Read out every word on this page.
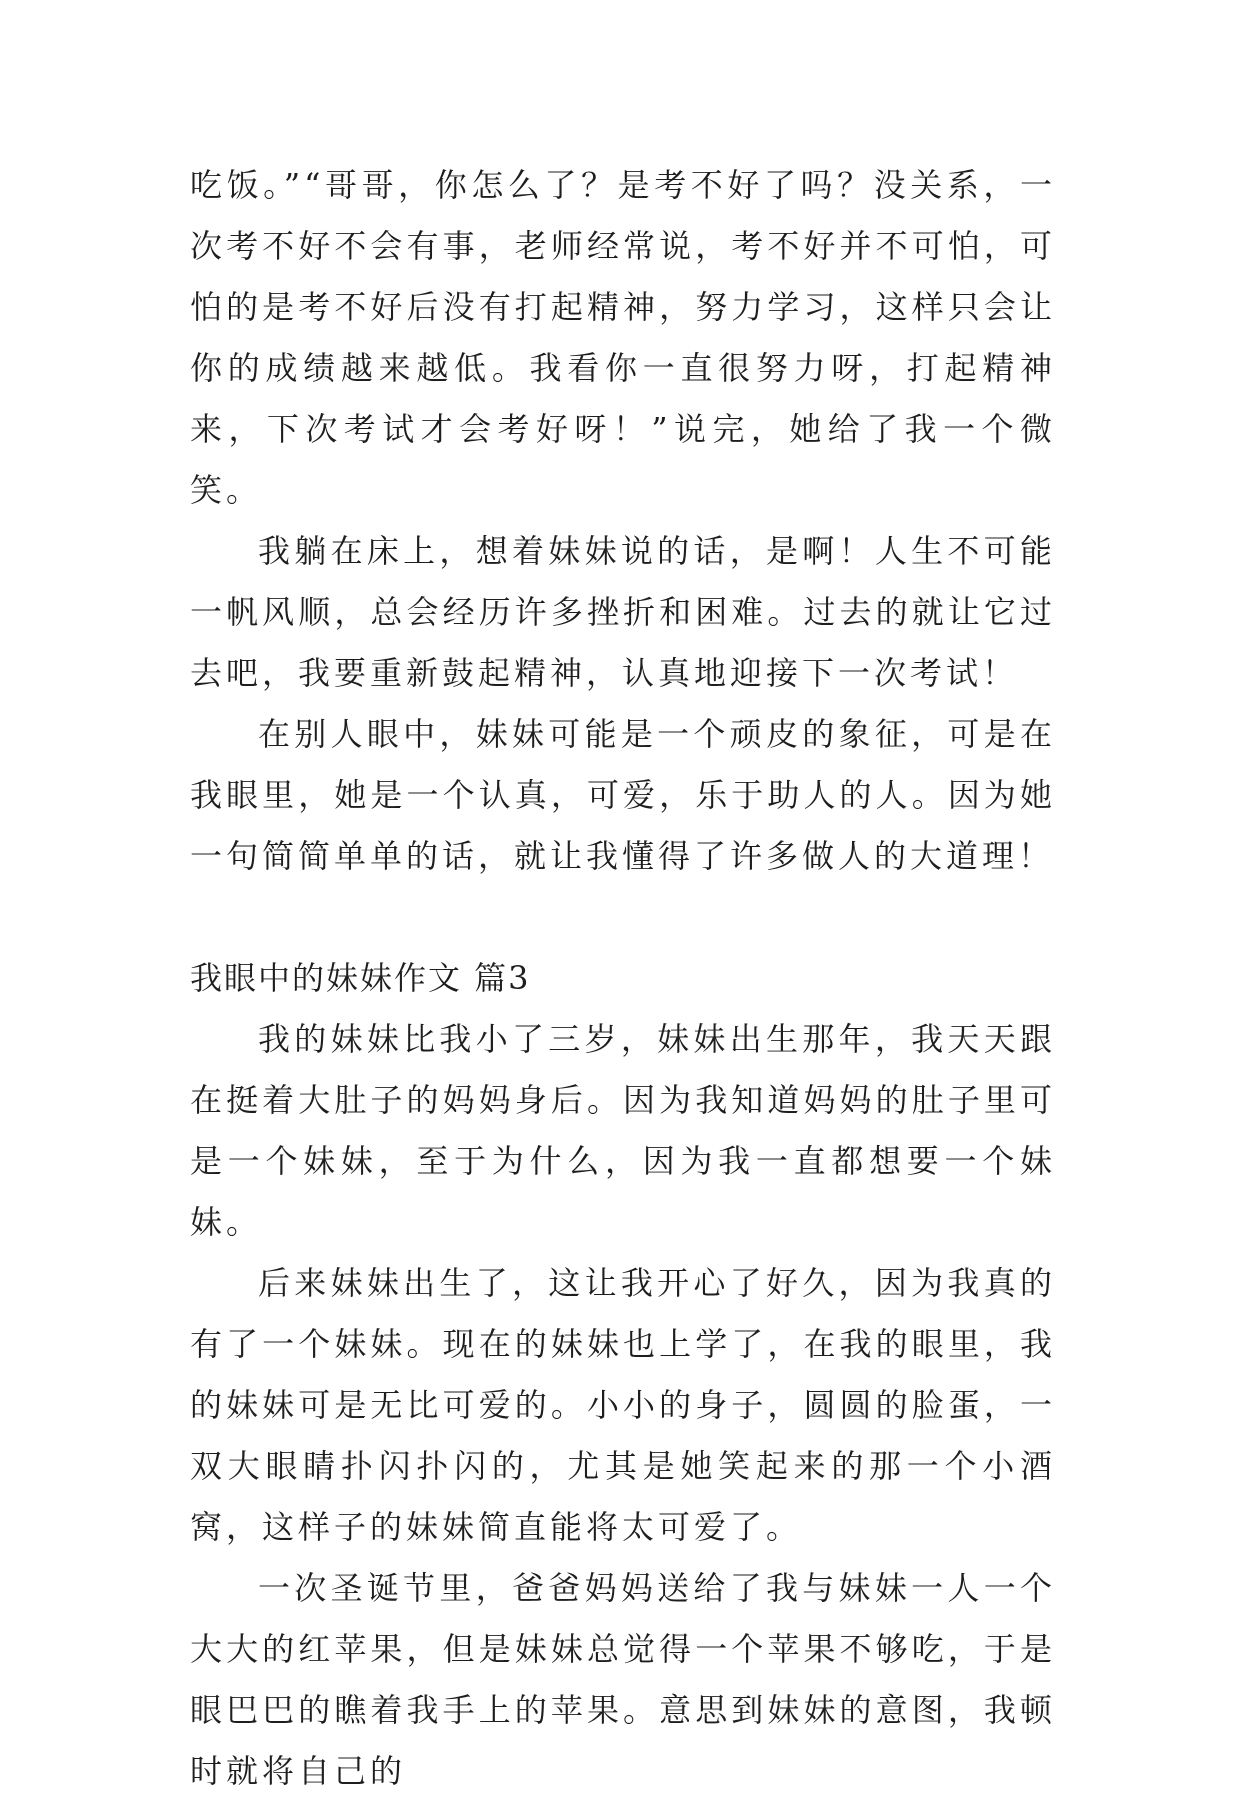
吃饭。”“哥哥，你怎么了？是考不好了吗？没关系，一次考不好不会有事，老师经常说，考不好并不可怕，可怕的是考不好后没有打起精神，努力学习，这样只会让你的成绩越来越低。我看你一直很努力呀，打起精神来，下次考试才会考好呀！”说完，她给了我一个微笑。

我躺在床上，想着妹妹说的话，是啊！人生不可能一帆风顺，总会经历许多挫折和困难。过去的就让它过去吧，我要重新鼓起精神，认真地迎接下一次考试！

在别人眼中，妹妹可能是一个顽皮的象征，可是在我眼里，她是一个认真，可爱，乐于助人的人。因为她一句简简单单的话，就让我懂得了许多做人的大道理！

我眼中的妹妹作文 篇3

我的妹妹比我小了三岁，妹妹出生那年，我天天跟在挺着大肚子的妈妈身后。因为我知道妈妈的肚子里可是一个妹妹，至于为什么，因为我一直都想要一个妹妹。

后来妹妹出生了，这让我开心了好久，因为我真的有了一个妹妹。现在的妹妹也上学了，在我的眼里，我的妹妹可是无比可爱的。小小的身子，圆圆的脸蛋，一双大眼睛扑闪扑闪的，尤其是她笑起来的那一个小酒窝，这样子的妹妹简直能将太可爱了。

一次圣诞节里，爸爸妈妈送给了我与妹妹一人一个大大的红苹果，但是妹妹总觉得一个苹果不够吃，于是眼巴巴的瞧着我手上的苹果。意思到妹妹的意图，我顿时就将自己的
